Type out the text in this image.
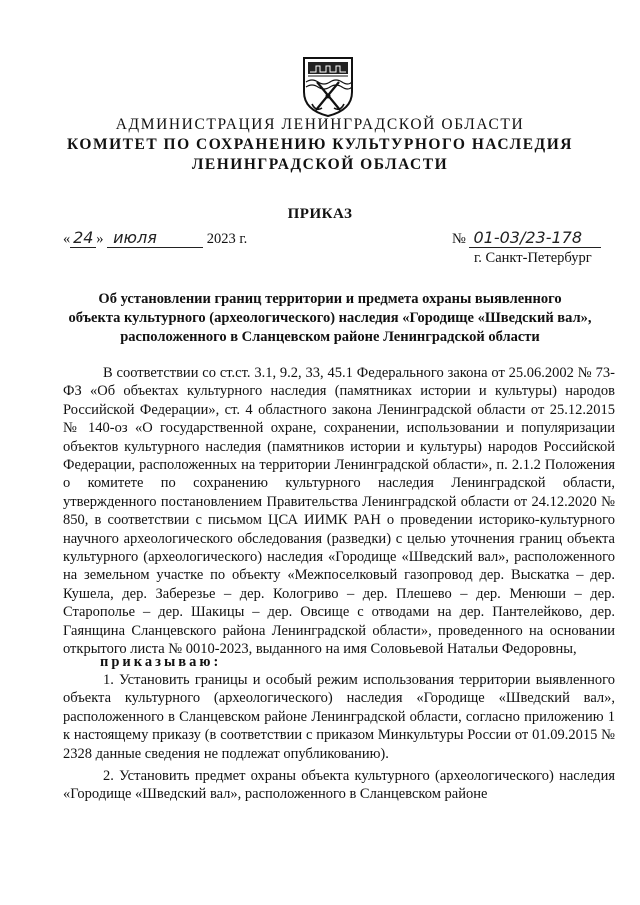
АДМИНИСТРАЦИЯ ЛЕНИНГРАДСКОЙ ОБЛАСТИ
КОМИТЕТ ПО СОХРАНЕНИЮ КУЛЬТУРНОГО НАСЛЕДИЯ
ЛЕНИНГРАДСКОЙ ОБЛАСТИ
ПРИКАЗ
« 24 » июля	2023 г.	№ 01-03/23-178
г. Санкт-Петербург
Об установлении границ территории и предмета охраны выявленного
объекта культурного (археологического) наследия «Городище «Шведский вал»,
расположенного в Сланцевском районе Ленинградской области

В соответствии со ст.ст. 3.1, 9.2, 33, 45.1 Федерального закона от 25.06.2002 № 73-ФЗ «Об объектах культурного наследия (памятниках истории и культуры) народов Российской Федерации», ст. 4 областного закона Ленинградской области от 25.12.2015 № 140-оз «О государственной охране, сохранении, использовании и популяризации объектов культурного наследия (памятников истории и культуры) народов Российской Федерации, расположенных на территории Ленинградской области», п. 2.1.2 Положения о комитете по сохранению культурного наследия Ленинградской области, утвержденного постановлением Правительства Ленинградской области от 24.12.2020 № 850, в соответствии с письмом ЦСА ИИМК РАН о проведении историко-культурного научного археологического обследования (разведки) с целью уточнения границ объекта культурного (археологического) наследия «Городище «Шведский вал», расположенного на земельном участке по объекту «Межпоселковый газопровод дер. Выскатка – дер. Кушела, дер. Заберезье – дер. Кологриво – дер. Плешево – дер. Менюши – дер. Старополье – дер. Шакицы – дер. Овсище с отводами на дер. Пантелейково, дер. Гаянщина Сланцевского района Ленинградской области», проведенного на основании открытого листа № 0010-2023, выданного на имя Соловьевой Натальи Федоровны,

приказываю:

1. Установить границы и особый режим использования территории выявленного объекта культурного (археологического) наследия «Городище «Шведский вал», расположенного в Сланцевском районе Ленинградской области, согласно приложению 1 к настоящему приказу (в соответствии с приказом Минкультуры России от 01.09.2015 № 2328 данные сведения не подлежат опубликованию).

2. Установить предмет охраны объекта культурного (археологического) наследия «Городище «Шведский вал», расположенного в Сланцевском районе
